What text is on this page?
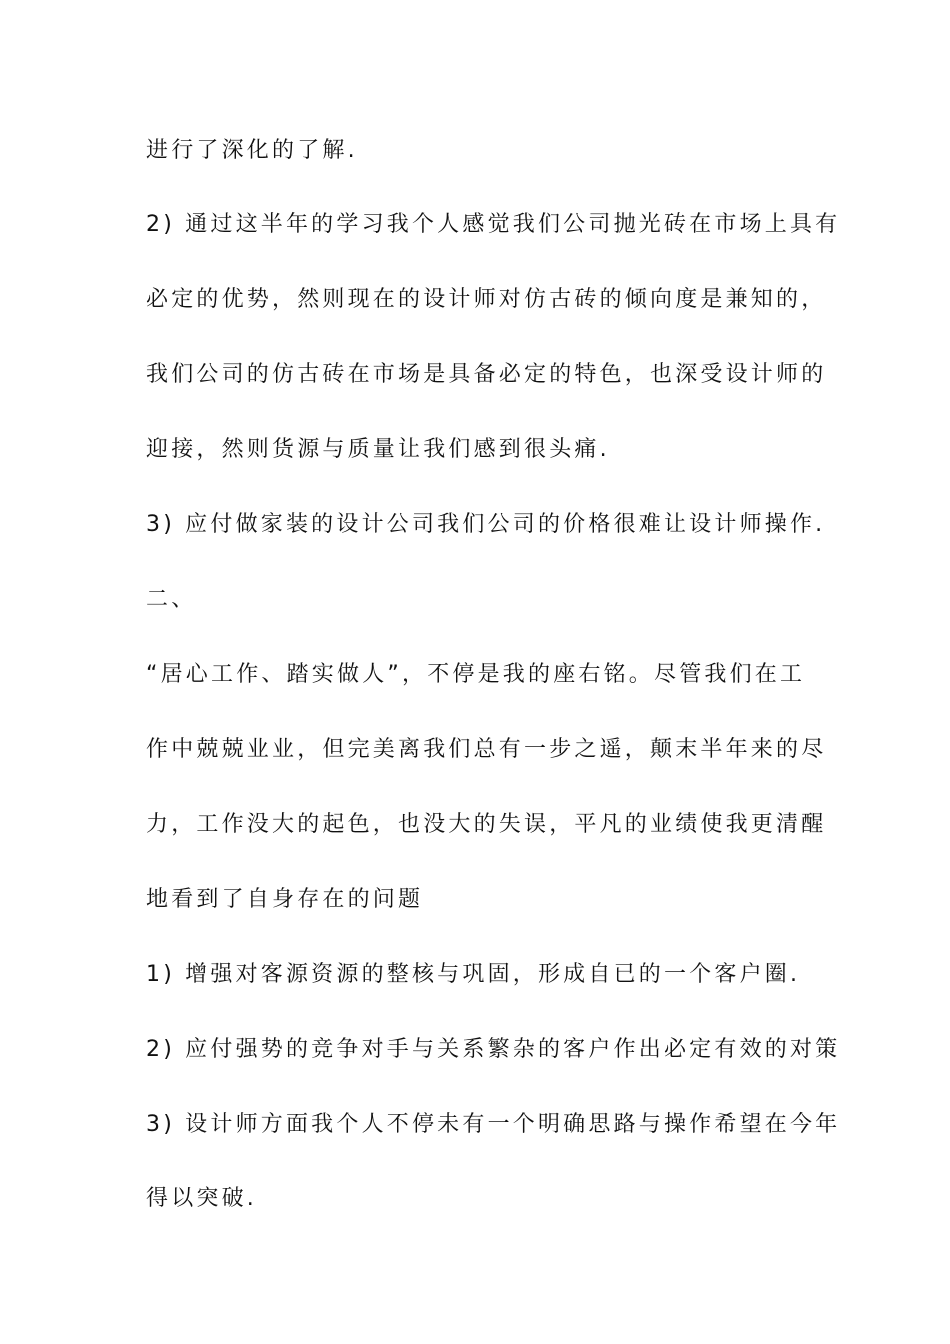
进行了深化的了解.
2) 通过这半年的学习我个人感觉我们公司抛光砖在市场上具有
必定的优势，然则现在的设计师对仿古砖的倾向度是兼知的，
我们公司的仿古砖在市场是具备必定的特色，也深受设计师的
迎接，然则货源与质量让我们感到很头痛.
3) 应付做家装的设计公司我们公司的价格很难让设计师操作.
二、
“居心工作、踏实做人”，不停是我的座右铭。尽管我们在工
作中兢兢业业，但完美离我们总有一步之遥，颠末半年来的尽
力，工作没大的起色，也没大的失误，平凡的业绩使我更清醒
地看到了自身存在的问题
1) 增强对客源资源的整核与巩固，形成自已的一个客户圈.
2) 应付强势的竞争对手与关系繁杂的客户作出必定有效的对策
3) 设计师方面我个人不停未有一个明确思路与操作希望在今年
得以突破.
